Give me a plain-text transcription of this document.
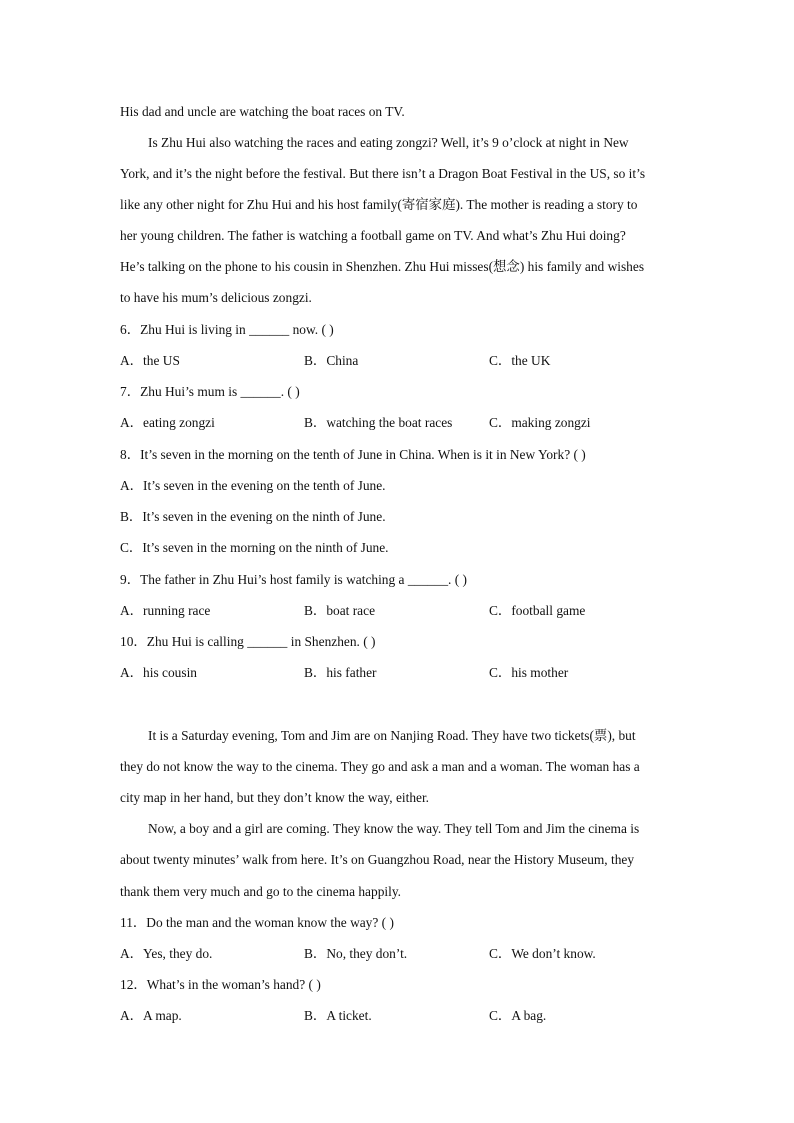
His dad and uncle are watching the boat races on TV.
Is Zhu Hui also watching the races and eating zongzi? Well, it’s 9 o’clock at night in New
York, and it’s the night before the festival. But there isn’t a Dragon Boat Festival in the US, so it’s
like any other night for Zhu Hui and his host family(寄宿家庭). The mother is reading a story to
her young children. The father is watching a football game on TV. And what’s Zhu Hui doing?
He’s talking on the phone to his cousin in Shenzhen. Zhu Hui misses(想念) his family and wishes
to have his mum’s delicious zongzi.
6．Zhu Hui is living in ______ now. ( )
A．the US	B．China	C．the UK
7．Zhu Hui’s mum is ______. ( )
A．eating zongzi	B．watching the boat races	C．making zongzi
8．It’s seven in the morning on the tenth of June in China. When is it in New York? ( )
A．It’s seven in the evening on the tenth of June.
B．It’s seven in the evening on the ninth of June.
C．It’s seven in the morning on the ninth of June.
9．The father in Zhu Hui’s host family is watching a ______. ( )
A．running race	B．boat race	C．football game
10．Zhu Hui is calling ______ in Shenzhen. ( )
A．his cousin	B．his father	C．his mother
It is a Saturday evening, Tom and Jim are on Nanjing Road. They have two tickets(票), but
they do not know the way to the cinema. They go and ask a man and a woman. The woman has a
city map in her hand, but they don’t know the way, either.
Now, a boy and a girl are coming. They know the way. They tell Tom and Jim the cinema is
about twenty minutes’ walk from here. It’s on Guangzhou Road, near the History Museum, they
thank them very much and go to the cinema happily.
11．Do the man and the woman know the way? ( )
A．Yes, they do.	B．No, they don’t.	C．We don’t know.
12．What’s in the woman’s hand? ( )
A．A map.	B．A ticket.	C．A bag.
